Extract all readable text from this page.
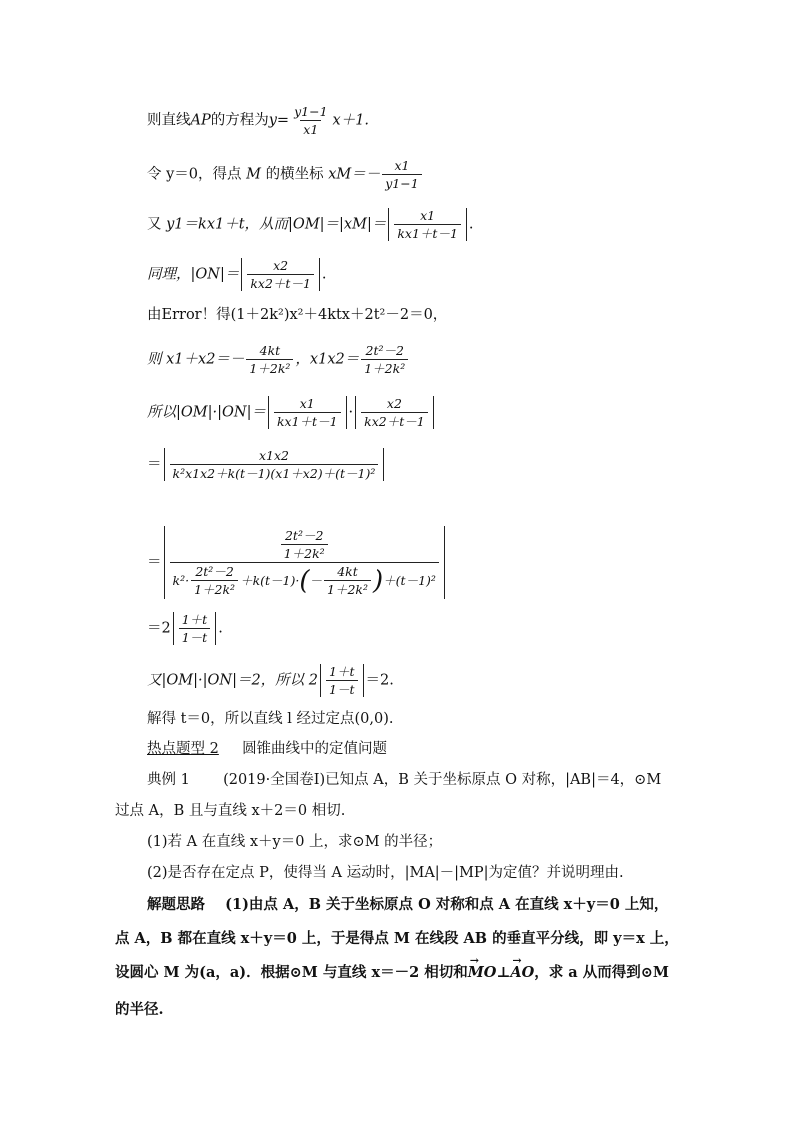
则直线AP的方程为$y= \frac{y1-1}{x1} x+1$.
令 y＝0，得点 M 的横坐标 $xM=- \frac{x1}{y1-1}$
又 y1＝kx1＋t，从而$|OM|=|xM|= \frac{x1}{kx1+t-1}$ .
同理，$|ON|= \frac{x2}{kx2+t-1}$ .
由Error！得(1＋2k²)x²＋4ktx＋2t²－2＝0，
则 $x1+x2=- \frac{4kt}{\text{1＋2k²}}$ ，$x1x2= \frac{\text{2t²－2}}{\text{1＋2k²}}$
所以$|OM|\cdot|ON|= \frac{x1}{kx1+t-1} \cdot \frac{x2}{kx2+t-1}$
＝ $\frac{x1x2}{\text{k²x1x2＋k(t－1)(x1＋x2)＋(t－1)²}}$
＝ $\frac{\frac{\text{2t²－2}}{\text{1＋2k²}}}{k^2\cdot \frac{\text{2t²－2}}{\text{1＋2k²}} +k(t-1)\cdot ( - \frac{4kt}{\text{1＋2k²}} ) +(t-1)^2}$
$=2 \frac{1+t}{1-t}$ .
又|OM|·|ON|＝2，所以 $2 \frac{1+t}{1-t} =2$.
解得 t＝0，所以直线 l 经过定点(0,0).
热点题型 2 圆锥曲线中的定值问题
典例 1 (2019·全国卷Ⅰ)已知点 A，B 关于坐标原点 O 对称，|AB|＝4，⊙M
过点 A，B 且与直线 x＋2＝0 相切.
(1)若 A 在直线 x＋y＝0 上，求⊙M 的半径；
(2)是否存在定点 P，使得当 A 运动时，|MA|－|MP|为定值？并说明理由.
解题思路 (1)由点 A，B 关于坐标原点 O 对称和点 A 在直线 x＋y＝0 上知，
点 A，B 都在直线 x＋y＝0 上，于是得点 M 在线段 AB 的垂直平分线，即 y＝x 上，
设圆心 M 为(a，a)．根据⊙M 与直线 x＝－2 相切和→ MO⊥→ AO，求 a 从而得到⊙M
的半径.
